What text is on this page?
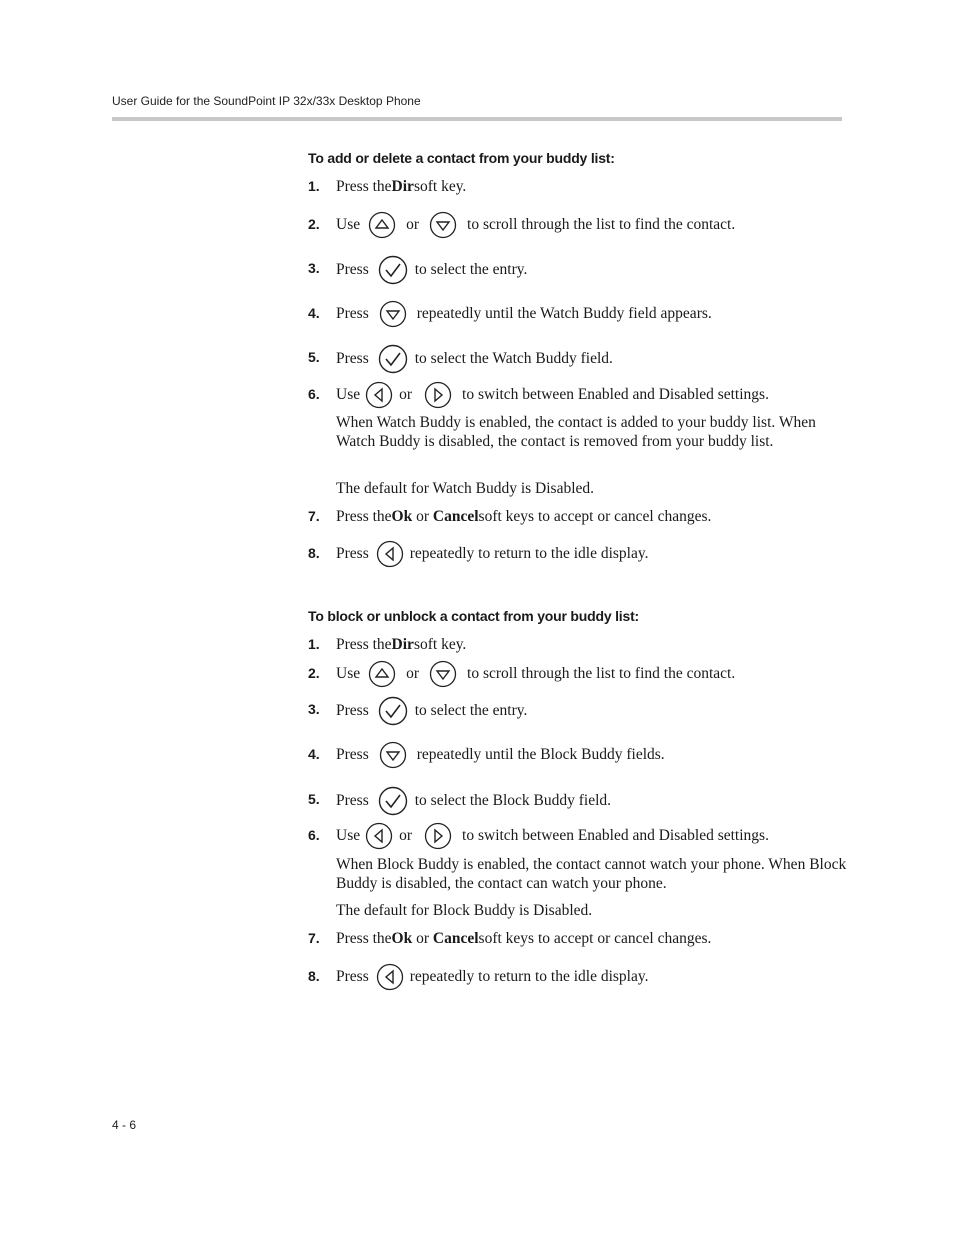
User Guide for the SoundPoint IP 32x/33x Desktop Phone
To add or delete a contact from your buddy list:
1. Press the Dir soft key.
2. Use	or	to scroll through the list to find the contact.
3. Press	to select the entry.
4. Press	repeatedly until the Watch Buddy field appears.
5. Press	to select the Watch Buddy field.
6. Use	or	to switch between Enabled and Disabled settings.
When Watch Buddy is enabled, the contact is added to your buddy list. When Watch Buddy is disabled, the contact is removed from your buddy list.
The default for Watch Buddy is Disabled.
7. Press the Ok or Cancel soft keys to accept or cancel changes.
8. Press	repeatedly to return to the idle display.
To block or unblock a contact from your buddy list:
1. Press the Dir soft key.
2. Use	or	to scroll through the list to find the contact.
3. Press	to select the entry.
4. Press	repeatedly until the Block Buddy fields.
5. Press	to select the Block Buddy field.
6. Use	or	to switch between Enabled and Disabled settings.
When Block Buddy is enabled, the contact cannot watch your phone. When Block Buddy is disabled, the contact can watch your phone.
The default for Block Buddy is Disabled.
7. Press the Ok or Cancel soft keys to accept or cancel changes.
8. Press	repeatedly to return to the idle display.
4 - 6
